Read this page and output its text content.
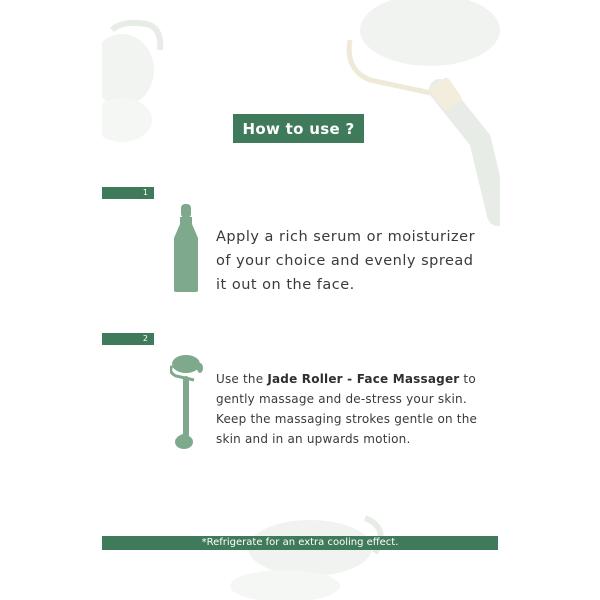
How to use ?
1

Apply a rich serum or moisturizer of your choice and evenly spread it out on the face.

2

Use the Jade Roller - Face Massager to gently massage and de-stress your skin. Keep the massaging strokes gentle on the skin and in an upwards motion.

*Refrigerate for an extra cooling effect.
